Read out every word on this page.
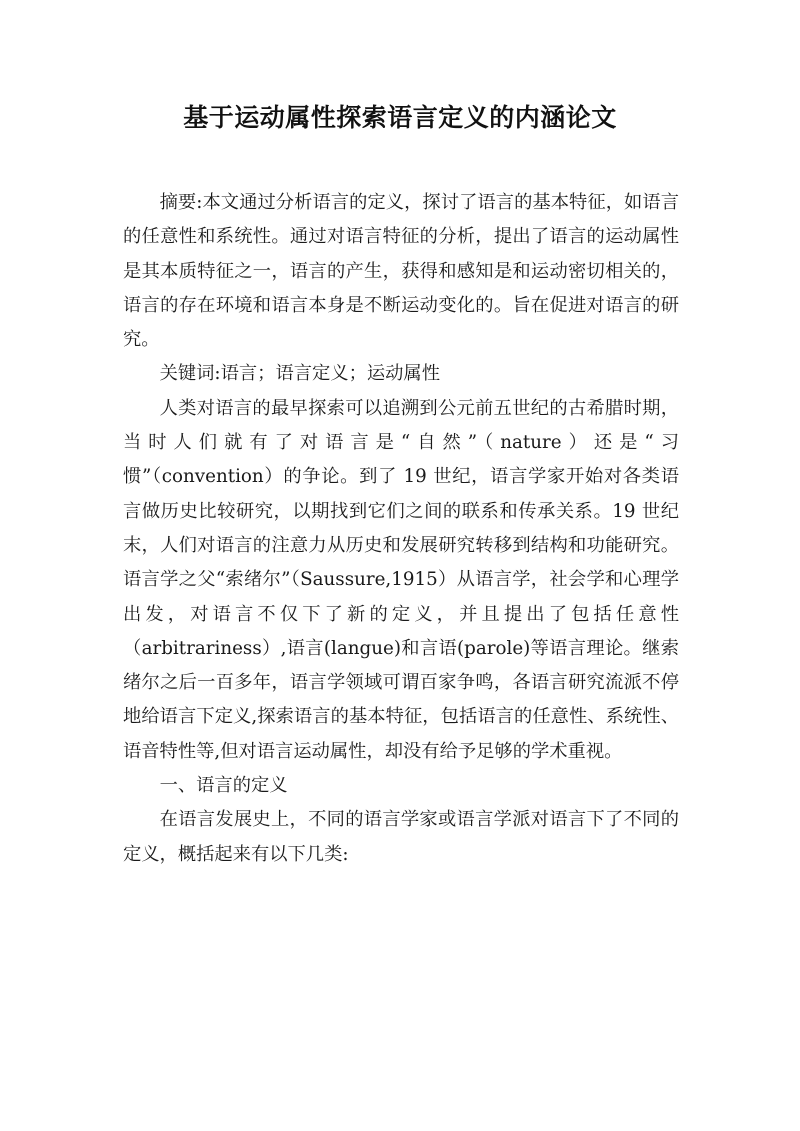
基于运动属性探索语言定义的内涵论文

摘要:本文通过分析语言的定义，探讨了语言的基本特征，如语言的任意性和系统性。通过对语言特征的分析，提出了语言的运动属性是其本质特征之一，语言的产生，获得和感知是和运动密切相关的，语言的存在环境和语言本身是不断运动变化的。旨在促进对语言的研究。

关键词:语言；语言定义；运动属性

人类对语言的最早探索可以追溯到公元前五世纪的古希腊时期，当时人们就有了对语言是“自然”（nature）还是“习惯”（convention）的争论。到了 19 世纪，语言学家开始对各类语言做历史比较研究，以期找到它们之间的联系和传承关系。19 世纪末，人们对语言的注意力从历史和发展研究转移到结构和功能研究。语言学之父“索绪尔”（Saussure,1915）从语言学，社会学和心理学出发，对语言不仅下了新的定义，并且提出了包括任意性（arbitrariness）,语言(langue)和言语(parole)等语言理论。继索绪尔之后一百多年，语言学领域可谓百家争鸣，各语言研究流派不停地给语言下定义,探索语言的基本特征，包括语言的任意性、系统性、语音特性等,但对语言运动属性，却没有给予足够的学术重视。

一、语言的定义

在语言发展史上，不同的语言学家或语言学派对语言下了不同的定义，概括起来有以下几类:
